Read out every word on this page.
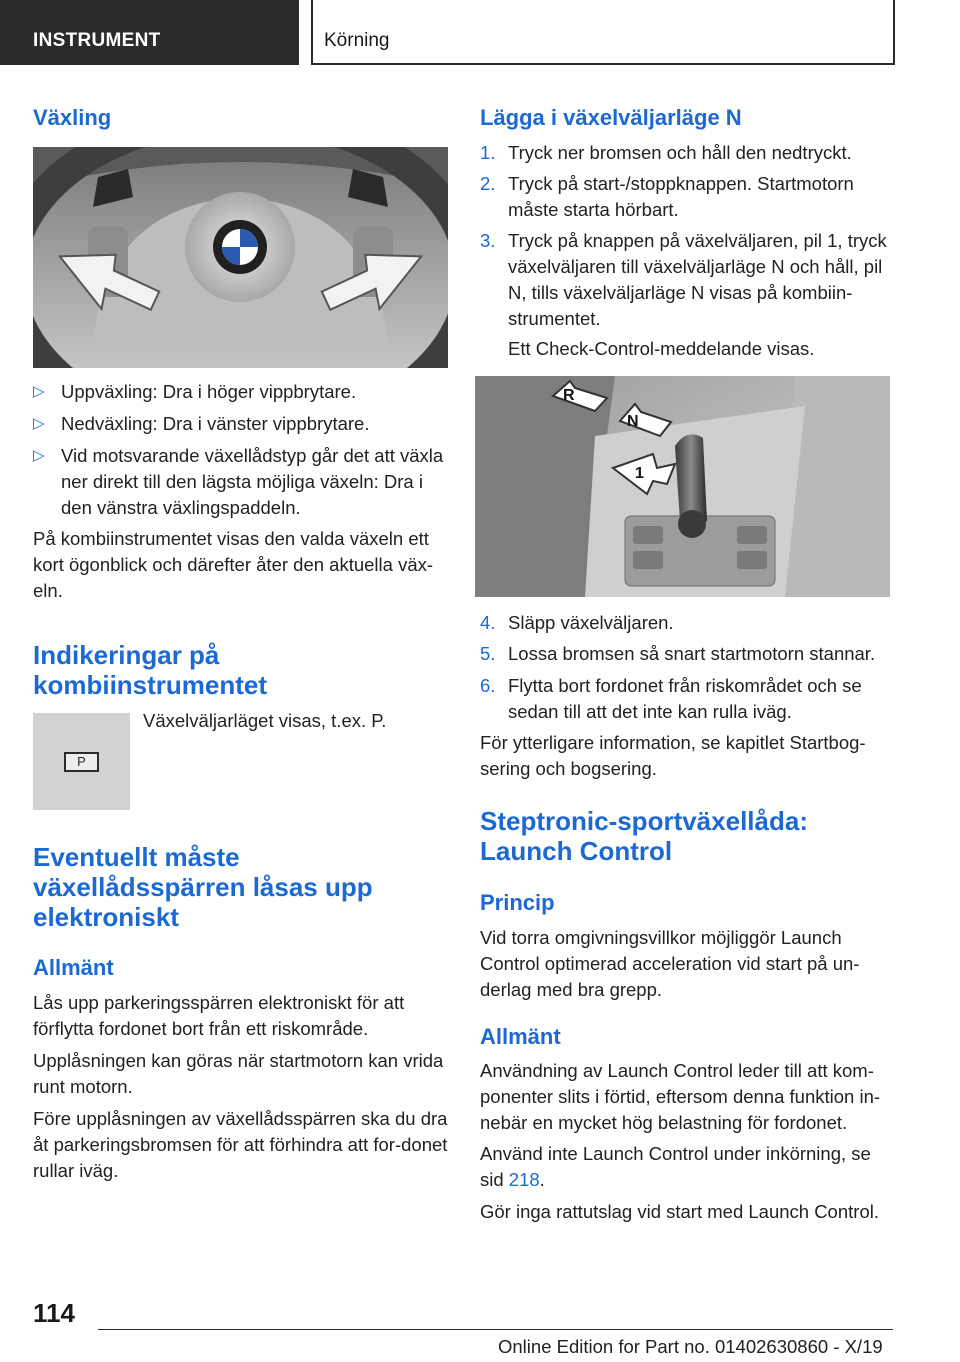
INSTRUMENT	Körning
Växling
▷ Uppväxling: Dra i höger vippbrytare.
▷ Nedväxling: Dra i vänster vippbrytare.
▷ Vid motsvarande växellådstyp går det att växla ner direkt till den lägsta möjliga växeln: Dra i den vänstra växlingspaddeln.

På kombiinstrumentet visas den valda växeln ett kort ögonblick och därefter åter den aktuella väx‐eln.

Indikeringar på kombiinstrumentet
P

Växelväljarläget visas, t.ex. P.

Eventuellt måste växellådsspärren låsas upp elektroniskt
Allmänt

Lås upp parkeringsspärren elektroniskt för att förflytta fordonet bort från ett riskområde.

Upplåsningen kan göras när startmotorn kan vrida runt motorn.

Före upplåsningen av växellådsspärren ska du dra åt parkeringsbromsen för att förhindra att for‐donet rullar iväg.

Lägga i växelväljarläge N
1. Tryck ner bromsen och håll den nedtryckt.
2. Tryck på start-/stoppknappen. Startmotorn måste starta hörbart.
3. Tryck på knappen på växelväljaren, pil 1, tryck växelväljaren till växelväljarläge N och håll, pil N, tills växelväljarläge N visas på kombiin‐strumentet.

Ett Check-Control-meddelande visas.

R
N
1
4. Släpp växelväljaren.
5. Lossa bromsen så snart startmotorn stannar.
6. Flytta bort fordonet från riskområdet och se sedan till att det inte kan rulla iväg.

För ytterligare information, se kapitlet Startbog‐sering och bogsering.

Steptronic-sportväxellåda: Launch Control
Princip

Vid torra omgivningsvillkor möjliggör Launch Control optimerad acceleration vid start på un‐derlag med bra grepp.

Allmänt

Användning av Launch Control leder till att kom‐ponenter slits i förtid, eftersom denna funktion in‐nebär en mycket hög belastning för fordonet.

Använd inte Launch Control under inkörning, se sid 218.

Gör inga rattutslag vid start med Launch Control.

114
Online Edition for Part no. 01402630860 - X/19
